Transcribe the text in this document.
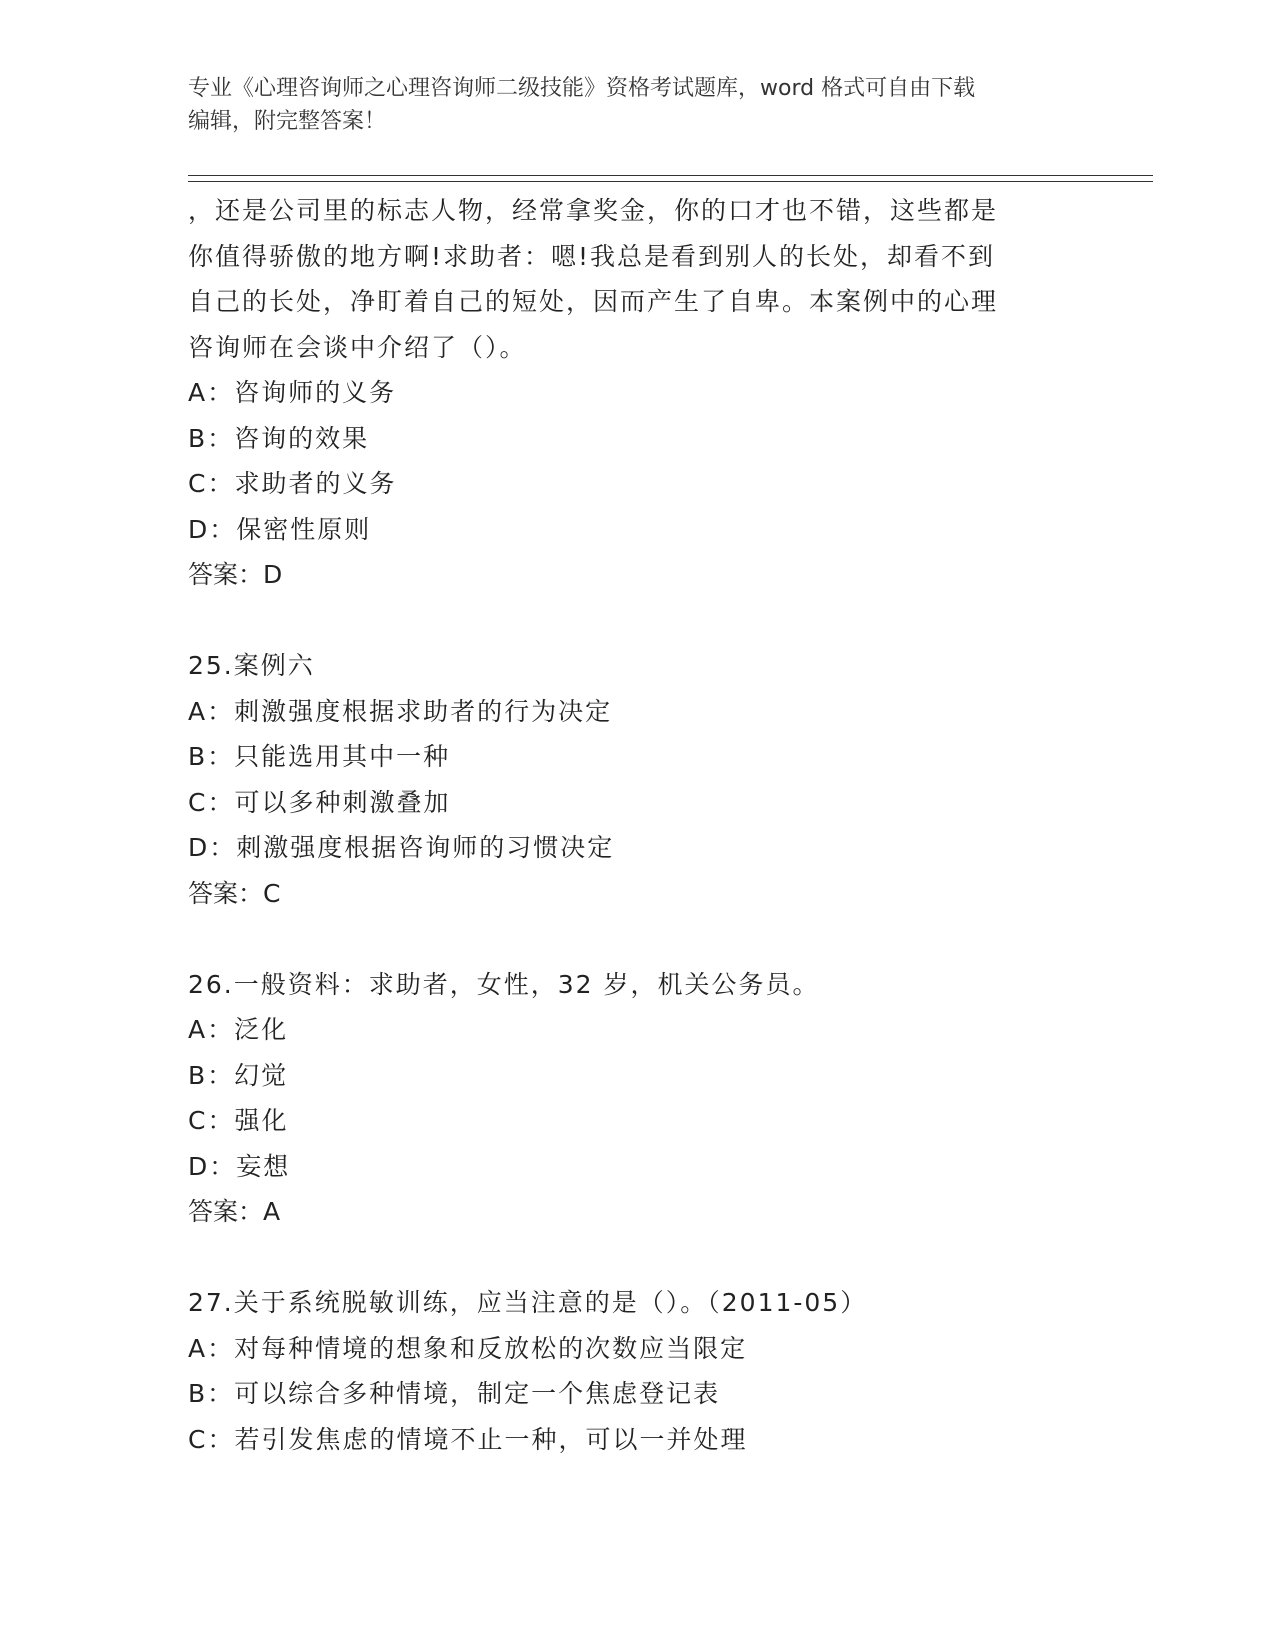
专业《心理咨询师之心理咨询师二级技能》资格考试题库，word 格式可自由下载
编辑，附完整答案！
，还是公司里的标志人物，经常拿奖金，你的口才也不错，这些都是
你值得骄傲的地方啊!求助者：嗯!我总是看到别人的长处，却看不到
自己的长处，净盯着自己的短处，因而产生了自卑。本案例中的心理
咨询师在会谈中介绍了（）。
A：咨询师的义务
B：咨询的效果
C：求助者的义务
D：保密性原则
答案：D
25.案例六
A：刺激强度根据求助者的行为决定
B：只能选用其中一种
C：可以多种刺激叠加
D：刺激强度根据咨询师的习惯决定
答案：C
26.一般资料：求助者，女性，32 岁，机关公务员。
A：泛化
B：幻觉
C：强化
D：妄想
答案：A
27.关于系统脱敏训练，应当注意的是（）。（2011-05）
A：对每种情境的想象和反放松的次数应当限定
B：可以综合多种情境，制定一个焦虑登记表
C：若引发焦虑的情境不止一种，可以一并处理
